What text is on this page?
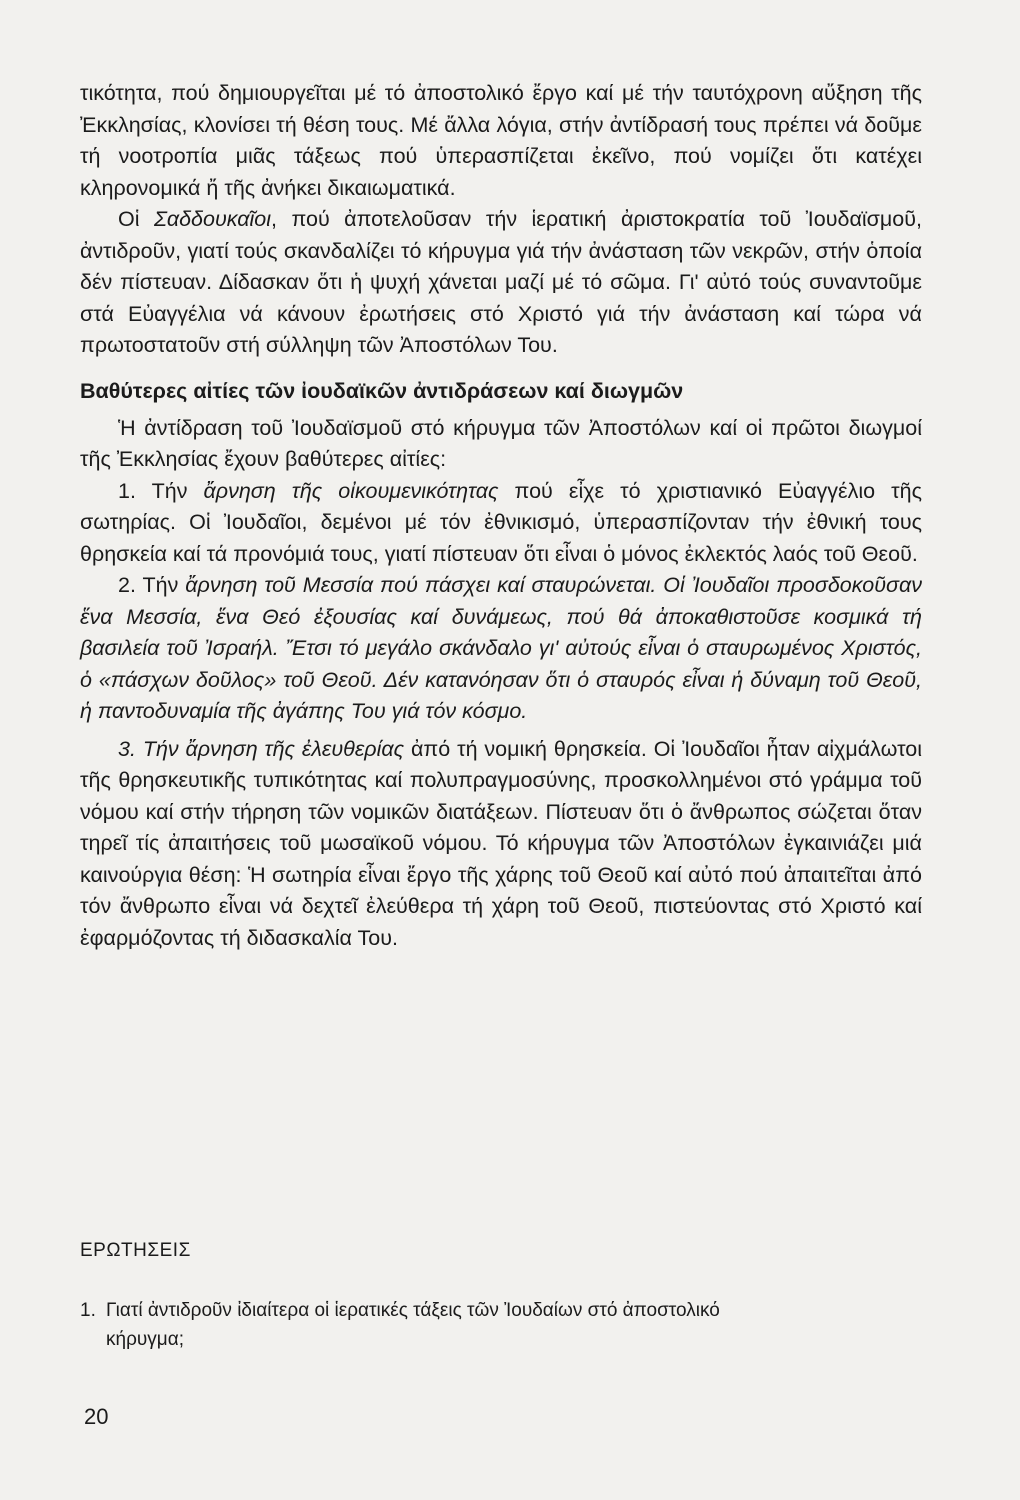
τικότητα, πού δημιουργεῖται μέ τό ἀποστολικό ἔργο καί μέ τήν ταυτόχρονη αὔξηση τῆς Ἐκκλησίας, κλονίσει τή θέση τους. Μέ ἄλλα λόγια, στήν ἀντίδρασή τους πρέπει νά δοῦμε τή νοοτροπία μιᾶς τάξεως πού ὑπερασπίζεται ἐκεῖνο, πού νομίζει ὅτι κατέχει κληρονομικά ἤ τῆς ἀνήκει δικαιωματικά.

Οἱ Σαδδουκαῖοι, πού ἀποτελοῦσαν τήν ἱερατική ἀριστοκρατία τοῦ Ἰουδαϊσμοῦ, ἀντιδροῦν, γιατί τούς σκανδαλίζει τό κήρυγμα γιά τήν ἀνάσταση τῶν νεκρῶν, στήν ὁποία δέν πίστευαν. Δίδασκαν ὅτι ἡ ψυχή χάνεται μαζί μέ τό σῶμα. Γι' αὐτό τούς συναντοῦμε στά Εὐαγγέλια νά κάνουν ἐρωτήσεις στό Χριστό γιά τήν ἀνάσταση καί τώρα νά πρωτοστατοῦν στή σύλληψη τῶν Ἀποστόλων Του.

Βαθύτερες αἰτίες τῶν ἰουδαϊκῶν ἀντιδράσεων καί διωγμῶν

Ἡ ἀντίδραση τοῦ Ἰουδαϊσμοῦ στό κήρυγμα τῶν Ἀποστόλων καί οἱ πρῶτοι διωγμοί τῆς Ἐκκλησίας ἔχουν βαθύτερες αἰτίες:

1. Τήν ἄρνηση τῆς οἰκουμενικότητας πού εἶχε τό χριστιανικό Εὐαγγέλιο τῆς σωτηρίας. Οἱ Ἰουδαῖοι, δεμένοι μέ τόν ἐθνικισμό, ὑπερασπίζονταν τήν ἐθνική τους θρησκεία καί τά προνόμιά τους, γιατί πίστευαν ὅτι εἶναι ὁ μόνος ἐκλεκτός λαός τοῦ Θεοῦ.

2. Τήν ἄρνηση τοῦ Μεσσία πού πάσχει καί σταυρώνεται. Οἱ Ἰουδαῖοι προσδοκοῦσαν ἕνα Μεσσία, ἕνα Θεό ἐξουσίας καί δυνάμεως, πού θά ἀποκαθιστοῦσε κοσμικά τή βασιλεία τοῦ Ἰσραήλ. Ἔτσι τό μεγάλο σκάνδαλο γι' αὐτούς εἶναι ὁ σταυρωμένος Χριστός, ὁ «πάσχων δοῦλος» τοῦ Θεοῦ. Δέν κατανόησαν ὅτι ὁ σταυρός εἶναι ἡ δύναμη τοῦ Θεοῦ, ἡ παντοδυναμία τῆς ἀγάπης Του γιά τόν κόσμο.

3. Τήν ἄρνηση τῆς ἐλευθερίας ἀπό τή νομική θρησκεία. Οἱ Ἰουδαῖοι ἦταν αἰχμάλωτοι τῆς θρησκευτικῆς τυπικότητας καί πολυπραγμοσύνης, προσκολλημένοι στό γράμμα τοῦ νόμου καί στήν τήρηση τῶν νομικῶν διατάξεων. Πίστευαν ὅτι ὁ ἄνθρωπος σώζεται ὅταν τηρεῖ τίς ἀπαιτήσεις τοῦ μωσαϊκοῦ νόμου. Τό κήρυγμα τῶν Ἀποστόλων ἐγκαινιάζει μιά καινούργια θέση: Ἡ σωτηρία εἶναι ἔργο τῆς χάρης τοῦ Θεοῦ καί αὐτό πού ἀπαιτεῖται ἀπό τόν ἄνθρωπο εἶναι νά δεχτεῖ ἐλεύθερα τή χάρη τοῦ Θεοῦ, πιστεύοντας στό Χριστό καί ἐφαρμόζοντας τή διδασκαλία Του.

ΕΡΩΤΗΣΕΙΣ
1. Γιατί ἀντιδροῦν ἰδιαίτερα οἱ ἱερατικές τάξεις τῶν Ἰουδαίων στό ἀποστολικό
κήρυγμα;
20
